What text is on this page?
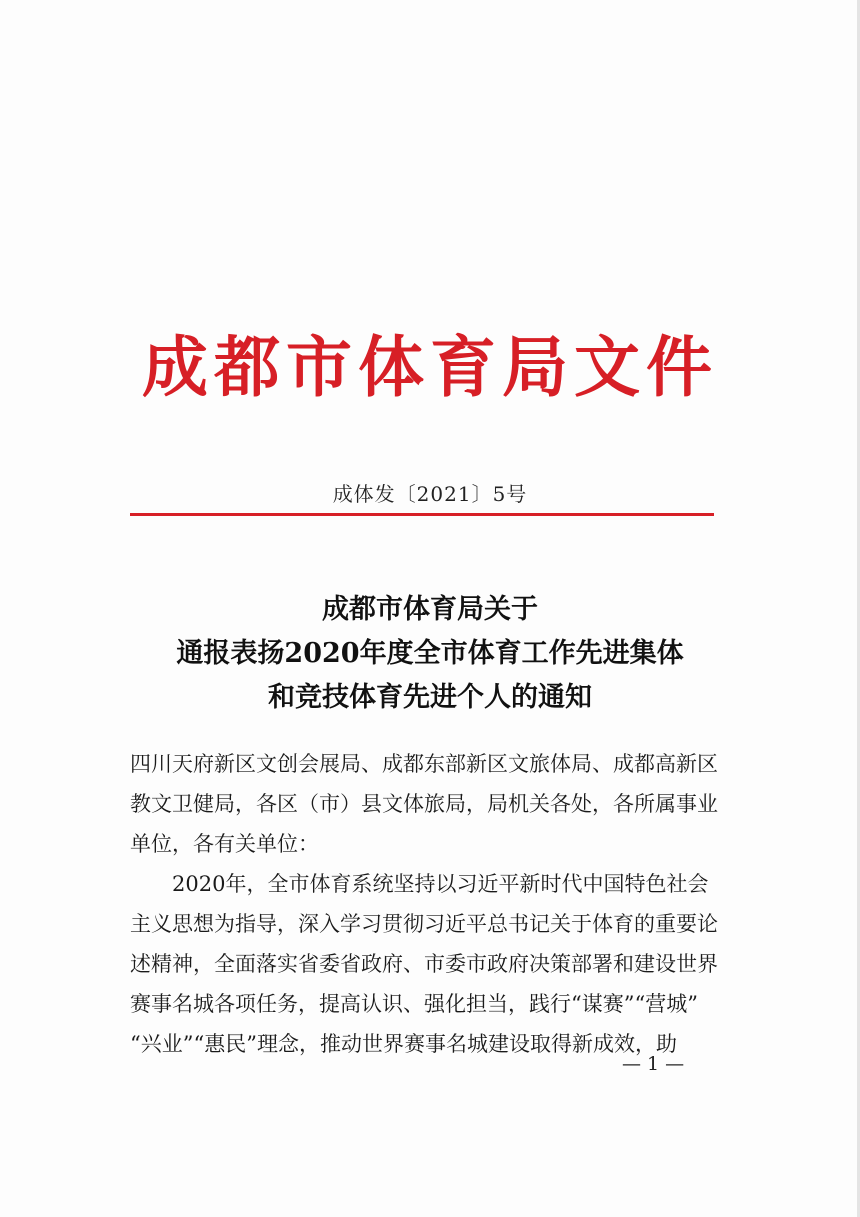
成都市体育局文件
成体发〔2021〕5号
成都市体育局关于
通报表扬2020年度全市体育工作先进集体
和竞技体育先进个人的通知
四川天府新区文创会展局、成都东部新区文旅体局、成都高新区
教文卫健局，各区（市）县文体旅局，局机关各处，各所属事业
单位，各有关单位：
2020年，全市体育系统坚持以习近平新时代中国特色社会
主义思想为指导，深入学习贯彻习近平总书记关于体育的重要论
述精神，全面落实省委省政府、市委市政府决策部署和建设世界
赛事名城各项任务，提高认识、强化担当，践行“谋赛”“营城”
“兴业”“惠民”理念，推动世界赛事名城建设取得新成效，助
— 1 —
